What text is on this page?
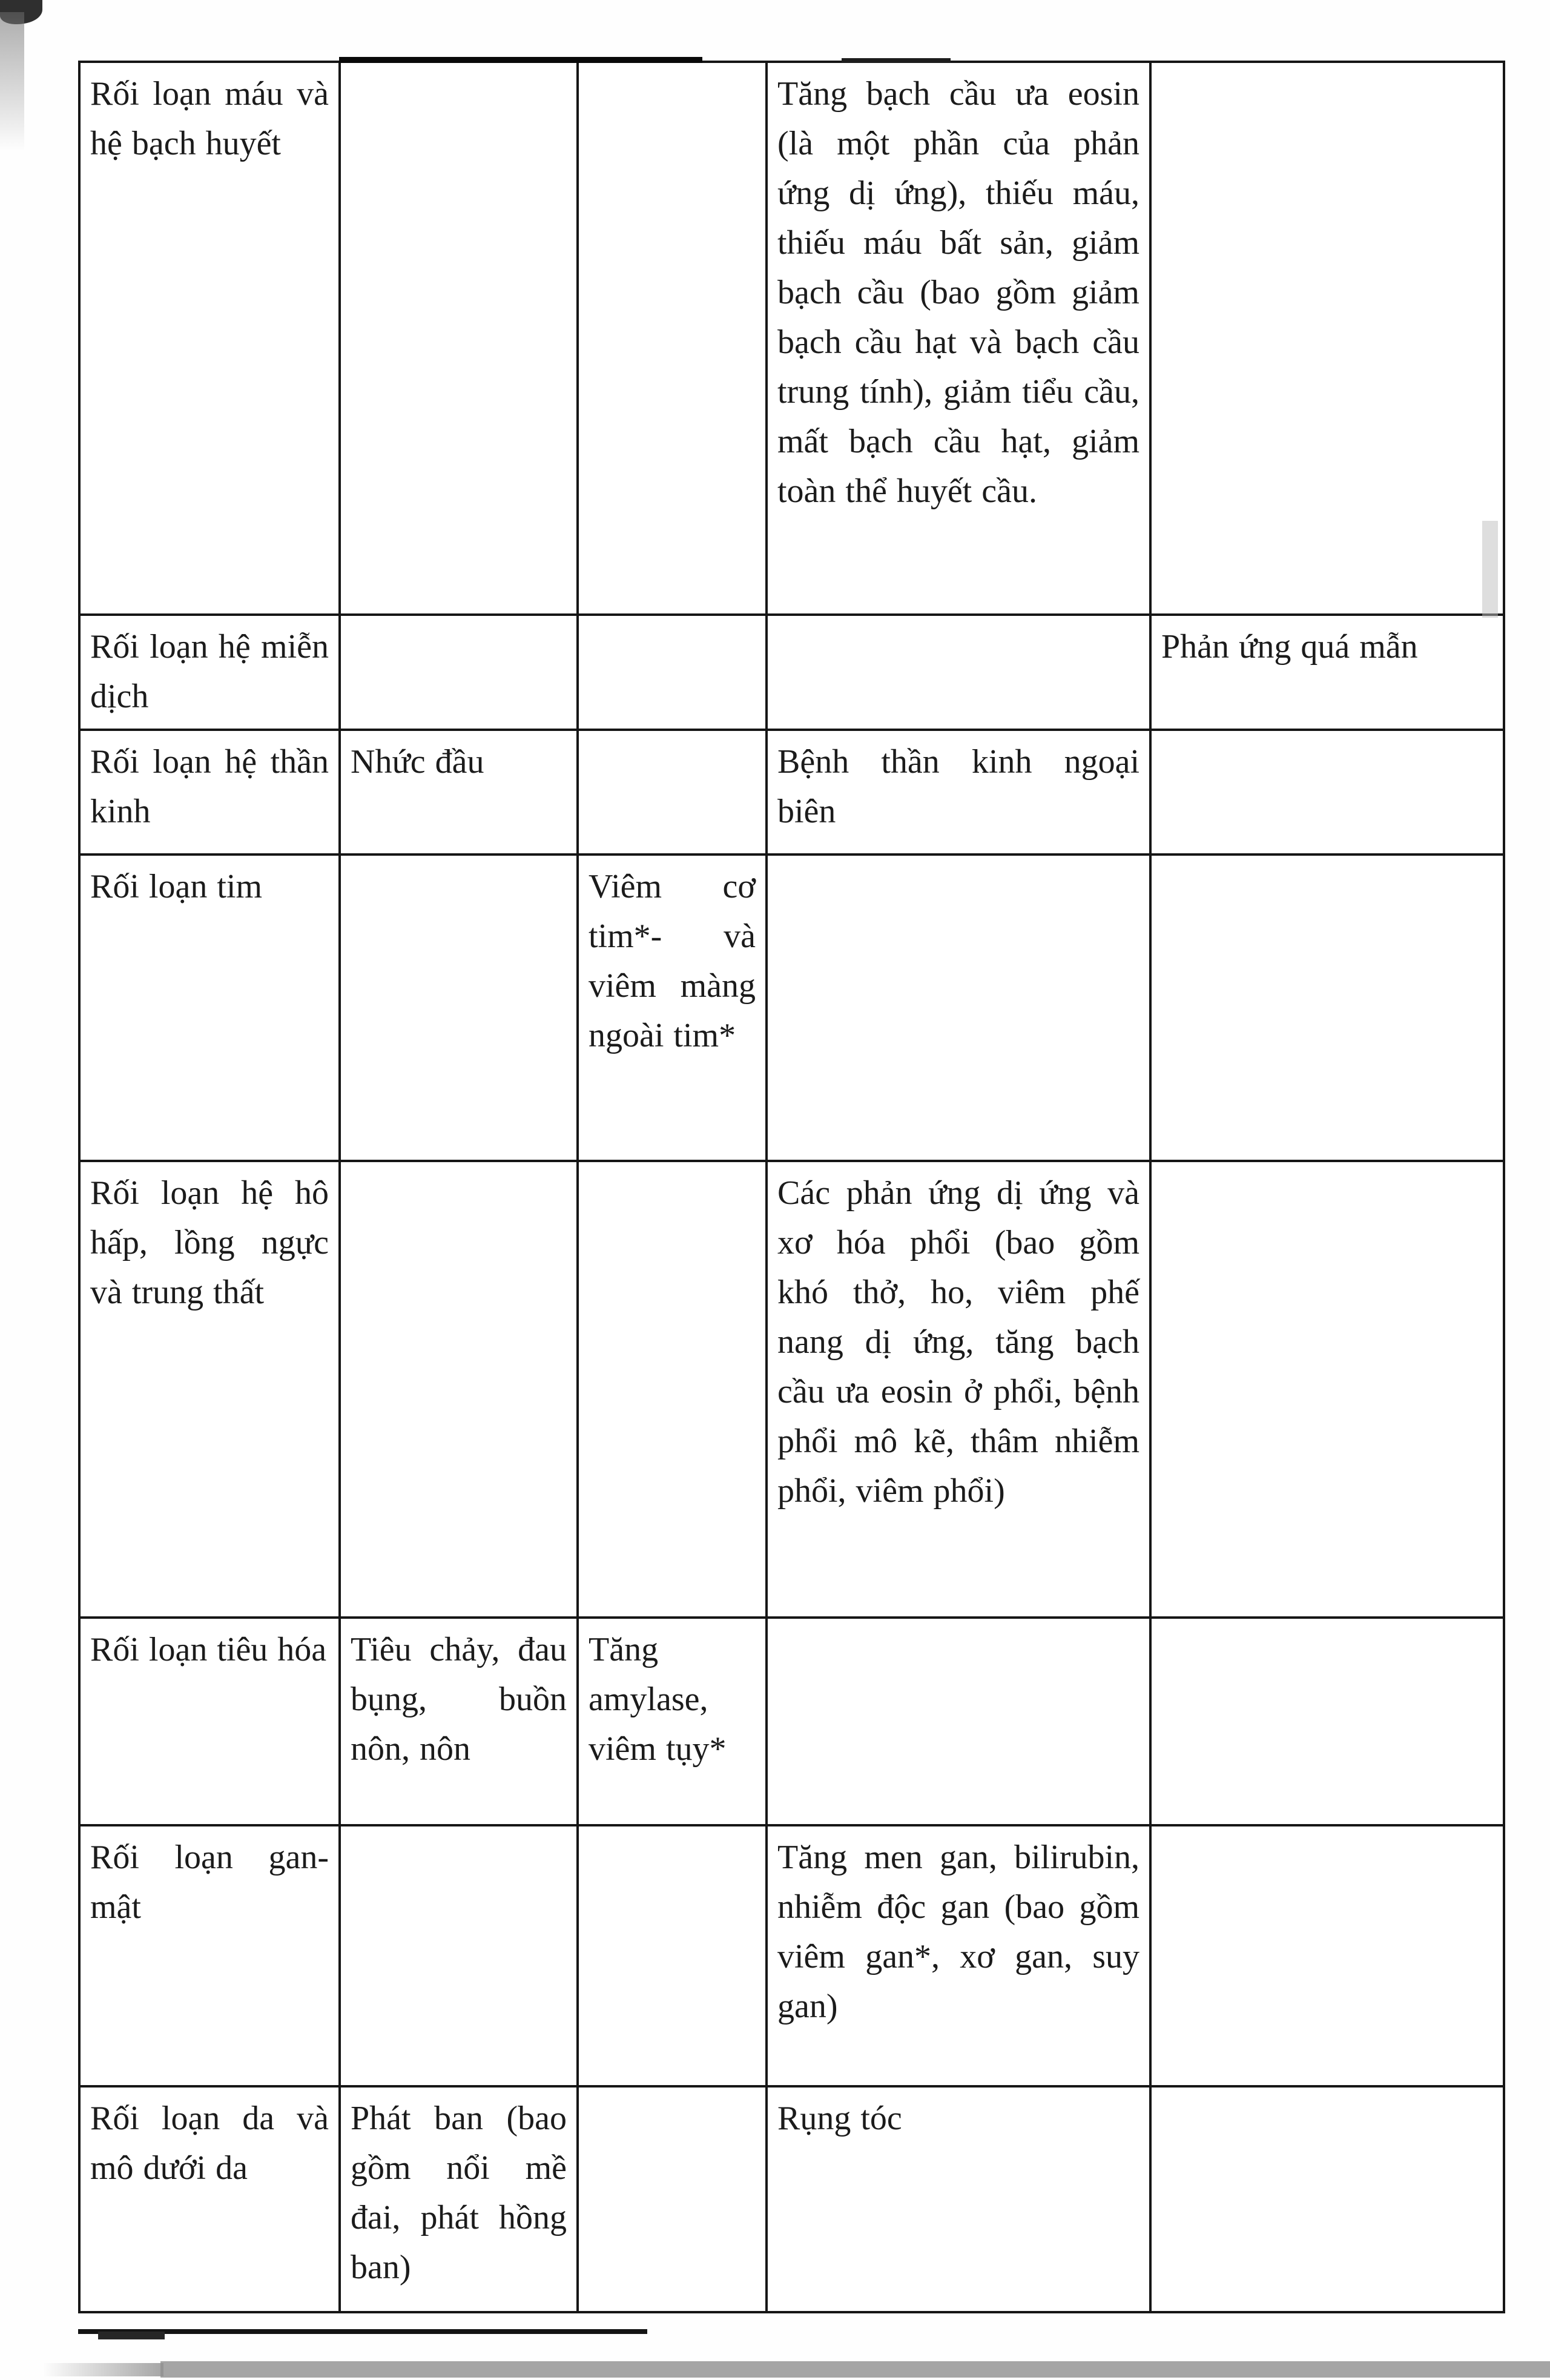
Rối loạn máu và hệ bạch huyết
Tăng bạch cầu ưa eosin (là một phần của phản ứng dị ứng), thiếu máu, thiếu máu bất sản, giảm bạch cầu (bao gồm giảm bạch cầu hạt và bạch cầu trung tính), giảm tiểu cầu, mất bạch cầu hạt, giảm toàn thể huyết cầu.
Rối loạn hệ miễn dịch
Phản ứng quá mẫn
Rối loạn hệ thần kinh
Nhức đầu	Bệnh thần kinh ngoại biên
Rối loạn tim	Viêm cơ tim*- và viêm màng ngoài tim*
Rối loạn hệ hô hấp, lồng ngực và trung thất
Các phản ứng dị ứng và xơ hóa phổi (bao gồm khó thở, ho, viêm phế nang dị ứng, tăng bạch cầu ưa eosin ở phổi, bệnh phổi mô kẽ, thâm nhiễm phổi, viêm phổi)
Rối loạn tiêu hóa Tiêu chảy, đau bụng, buồn nôn, nôn
Tăng amylase, viêm tụy*
Rối loạn gan- mật
Tăng men gan, bilirubin, nhiễm độc gan (bao gồm viêm gan*, xơ gan, suy gan)
Rối loạn da và mô dưới da
Phát ban (bao gồm nổi mề đai, phát hồng ban)
Rụng tóc
